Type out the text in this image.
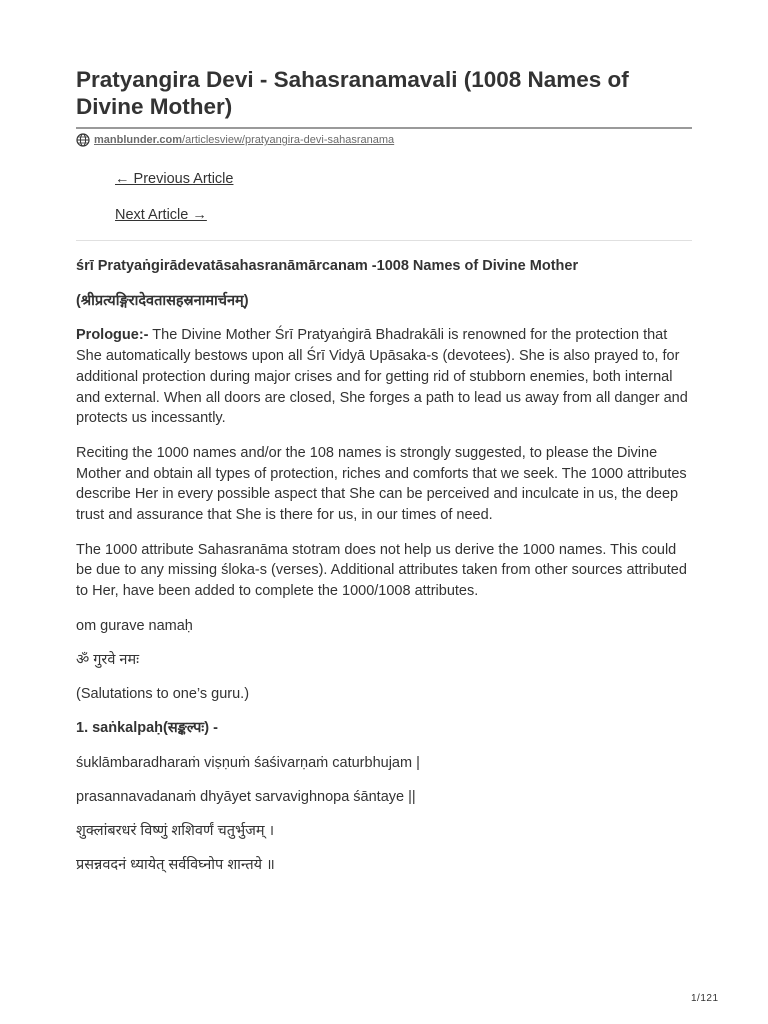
Pratyangira Devi - Sahasranamavali (1008 Names of Divine Mother)
manblunder.com /articlesview/pratyangira-devi-sahasranama
← Previous Article
Next Article →

śrī Pratyaṅgirādevatāsahasranāmārcanam -1008 Names of Divine Mother

(श्रीप्रत्यङ्गिरादेवतासहस्रनामार्चनम्)

Prologue:- The Divine Mother Śrī Pratyaṅgirā Bhadrakāli is renowned for the protection that She automatically bestows upon all Śrī Vidyā Upāsaka-s (devotees). She is also prayed to, for additional protection during major crises and for getting rid of stubborn enemies, both internal and external. When all doors are closed, She forges a path to lead us away from all danger and protects us incessantly.

Reciting the 1000 names and/or the 108 names is strongly suggested, to please the Divine Mother and obtain all types of protection, riches and comforts that we seek. The 1000 attributes describe Her in every possible aspect that She can be perceived and inculcate in us, the deep trust and assurance that She is there for us, in our times of need.

The 1000 attribute Sahasranāma stotram does not help us derive the 1000 names. This could be due to any missing śloka-s (verses). Additional attributes taken from other sources attributed to Her, have been added to complete the 1000/1008 attributes.

om gurave namaḥ

ॐ गुरवे नमः

(Salutations to one’s guru.)

1. saṅkalpaḥ(सङ्कल्पः) -

śuklāmbaradharaṁ viṣṇuṁ śaśivarṇaṁ caturbhujam |

prasannavadanaṁ dhyāyet sarvavighnopa śāntaye ||

शुक्लांबरधरं विष्णुं शशिवर्णं चतुर्भुजम् ।

प्रसन्नवदनं ध्यायेत् सर्वविघ्नोप शान्तये ॥

1/121
